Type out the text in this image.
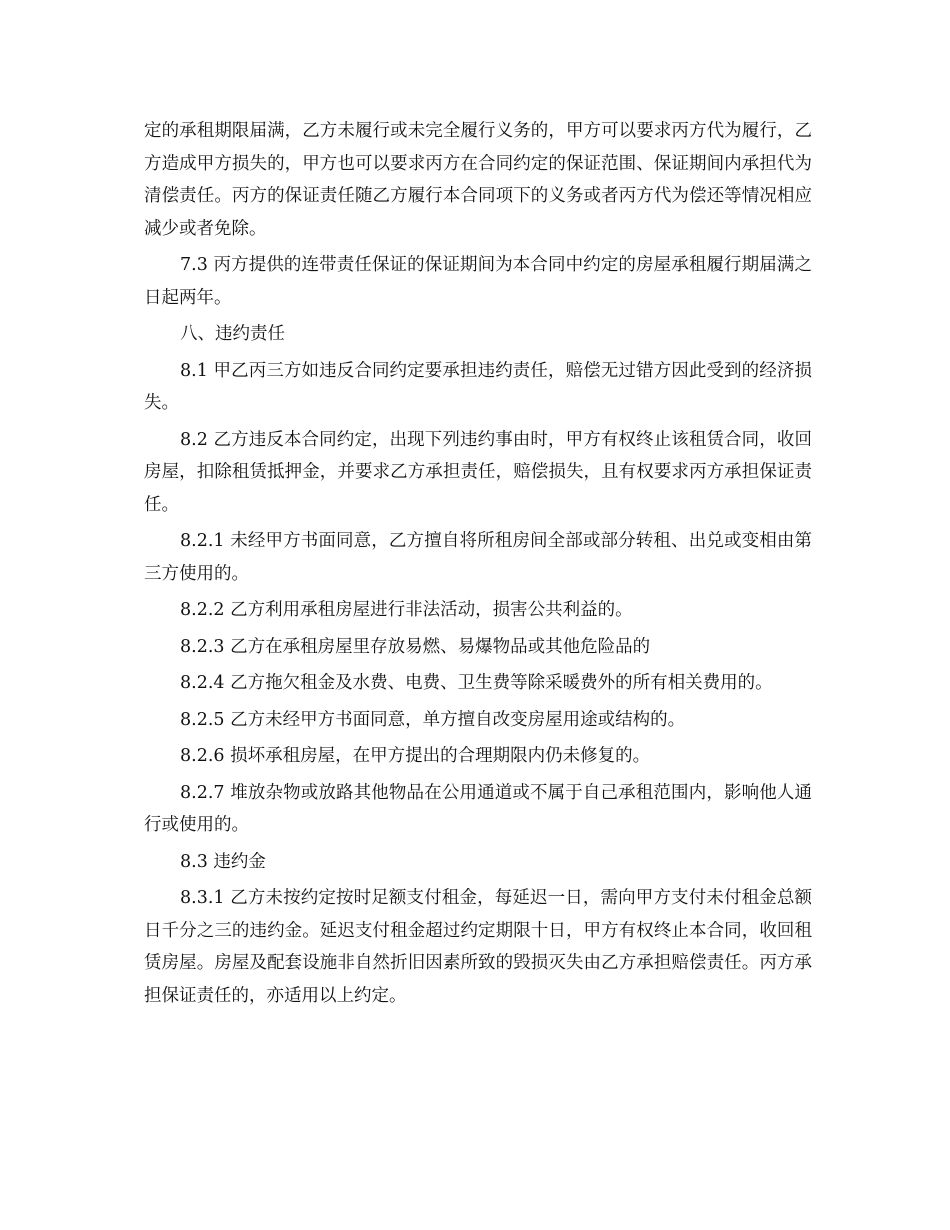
定的承租期限届满，乙方未履行或未完全履行义务的，甲方可以要求丙方代为履行，乙方造成甲方损失的，甲方也可以要求丙方在合同约定的保证范围、保证期间内承担代为清偿责任。丙方的保证责任随乙方履行本合同项下的义务或者丙方代为偿还等情况相应减少或者免除。

7.3 丙方提供的连带责任保证的保证期间为本合同中约定的房屋承租履行期届满之日起两年。

八、违约责任

8.1 甲乙丙三方如违反合同约定要承担违约责任，赔偿无过错方因此受到的经济损失。

8.2 乙方违反本合同约定，出现下列违约事由时，甲方有权终止该租赁合同，收回房屋，扣除租赁抵押金，并要求乙方承担责任，赔偿损失，且有权要求丙方承担保证责任。

8.2.1 未经甲方书面同意，乙方擅自将所租房间全部或部分转租、出兑或变相由第三方使用的。

8.2.2 乙方利用承租房屋进行非法活动，损害公共利益的。

8.2.3 乙方在承租房屋里存放易燃、易爆物品或其他危险品的

8.2.4 乙方拖欠租金及水费、电费、卫生费等除采暖费外的所有相关费用的。

8.2.5 乙方未经甲方书面同意，单方擅自改变房屋用途或结构的。

8.2.6 损坏承租房屋，在甲方提出的合理期限内仍未修复的。

8.2.7 堆放杂物或放路其他物品在公用通道或不属于自己承租范围内，影响他人通行或使用的。

8.3 违约金

8.3.1 乙方未按约定按时足额支付租金，每延迟一日，需向甲方支付未付租金总额日千分之三的违约金。延迟支付租金超过约定期限十日，甲方有权终止本合同，收回租赁房屋。房屋及配套设施非自然折旧因素所致的毁损灭失由乙方承担赔偿责任。丙方承担保证责任的，亦适用以上约定。
